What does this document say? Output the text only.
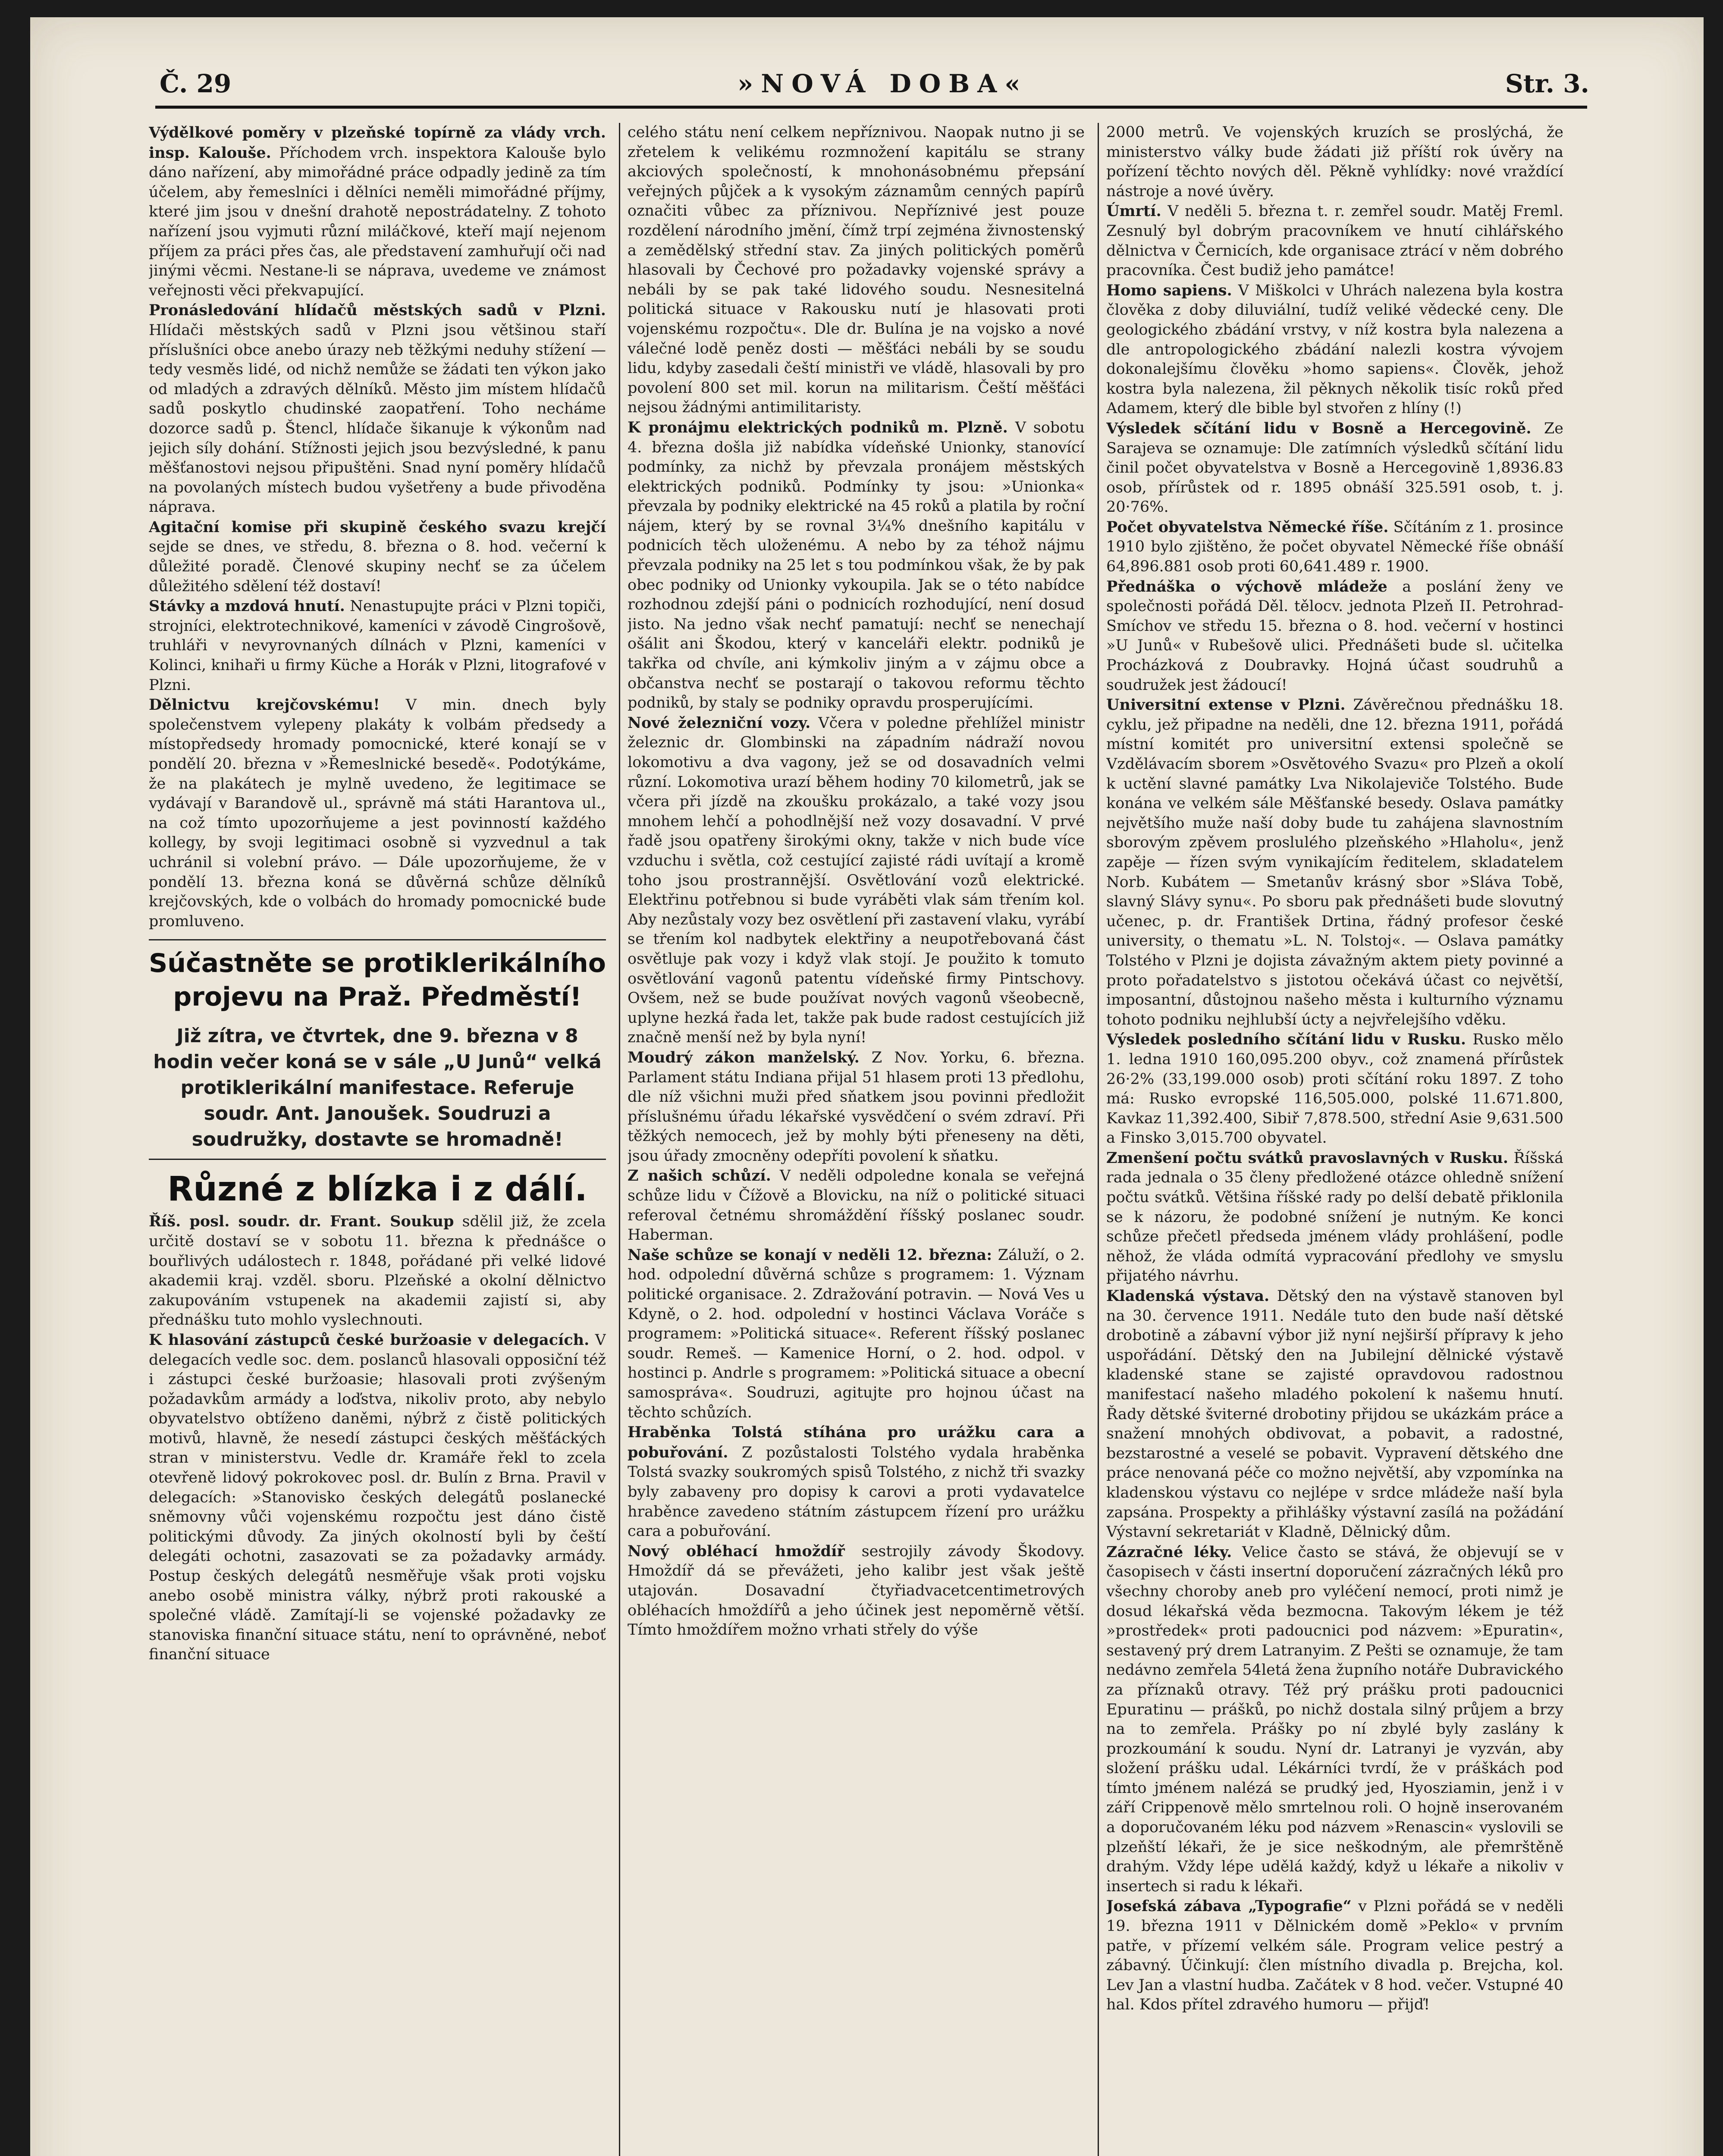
Č. 29	»NOVÁ DOBA«	Str. 3.

Výdělkové poměry v plzeňské topírně za vlády vrch. insp. Kalouše. Příchodem vrch. inspektora Kalouše bylo dáno nařízení, aby mimořádné práce odpadly jedině za tím účelem, aby řemeslníci i dělníci neměli mimořádné příjmy, které jim jsou v dnešní drahotě nepostrádatelny. Z tohoto nařízení jsou vyjmuti různí miláčkové, kteří mají nejenom příjem za práci přes čas, ale představení zamhuřují oči nad jinými věcmi. Nestane-li se náprava, uvedeme ve známost veřejnosti věci překvapující.

Pronásledování hlídačů městských sadů v Plzni. Hlídači městských sadů v Plzni jsou většinou staří příslušníci obce anebo úrazy neb těžkými neduhy stížení — tedy vesměs lidé, od nichž nemůže se žádati ten výkon jako od mladých a zdravých dělníků. Město jim místem hlídačů sadů poskytlo chudinské zaopatření. Toho necháme dozorce sadů p. Štencl, hlídače šikanuje k výkonům nad jejich síly dohání. Stížnosti jejich jsou bezvýsledné, k panu měšťanostovi nejsou připuštěni. Snad nyní poměry hlídačů na povolaných místech budou vyšetřeny a bude přivoděna náprava.

Agitační komise při skupině českého svazu krejčí sejde se dnes, ve středu, 8. března o 8. hod. večerní k důležité poradě. Členové skupiny nechť se za účelem důležitého sdělení též dostaví!

Stávky a mzdová hnutí. Nenastupujte práci v Plzni topiči, strojníci, elektrotechnikové, kameníci v závodě Cingrošově, truhláři v nevyrovnaných dílnách v Plzni, kameníci v Kolinci, knihaři u firmy Küche a Horák v Plzni, litografové v Plzni.

Dělnictvu krejčovskému! V min. dnech byly společenstvem vylepeny plakáty k volbám předsedy a místopředsedy hromady pomocnické, které konají se v pondělí 20. března v »Řemeslnické besedě«. Podotýkáme, že na plakátech je mylně uvedeno, že legitimace se vydávají v Barandově ul., správně má státi Harantova ul., na což tímto upozorňujeme a jest povinností každého kollegy, by svoji legitimaci osobně si vyzvednul a tak uchránil si volební právo. — Dále upozorňujeme, že v pondělí 13. března koná se důvěrná schůze dělníků krejčovských, kde o volbách do hromady pomocnické bude promluveno.

Súčastněte se protiklerikálního projevu na Praž. Předměstí!
Již zítra, ve čtvrtek, dne 9. března v 8 hodin večer koná se v sále „U Junů“ velká protiklerikální manifestace. Referuje soudr. Ant. Janoušek. Soudruzi a soudružky, dostavte se hromadně!
Různé z blízka i z dálí.

Říš. posl. soudr. dr. Frant. Soukup sdělil již, že zcela určitě dostaví se v sobotu 11. března k přednášce o bouřlivých událostech r. 1848, pořádané při velké lidové akademii kraj. vzděl. sboru. Plzeňské a okolní dělnictvo zakupováním vstupenek na akademii zajistí si, aby přednášku tuto mohlo vyslechnouti.

K hlasování zástupců české buržoasie v delegacích. V delegacích vedle soc. dem. poslanců hlasovali opposiční též i zástupci české buržoasie; hlasovali proti zvýšeným požadavkům armády a loďstva, nikoliv proto, aby nebylo obyvatelstvo obtíženo daněmi, nýbrž z čistě politických motivů, hlavně, že nesedí zástupci českých měšťáckých stran v ministerstvu. Vedle dr. Kramáře řekl to zcela otevřeně lidový pokrokovec posl. dr. Bulín z Brna. Pravil v delegacích: »Stanovisko českých delegátů poslanecké sněmovny vůči vojenskému rozpočtu jest dáno čistě politickými důvody. Za jiných okolností byli by čeští delegáti ochotni, zasazovati se za požadavky armády. Postup českých delegátů nesměřuje však proti vojsku anebo osobě ministra války, nýbrž proti rakouské a společné vládě. Zamítají-li se vojenské požadavky ze stanoviska finanční situace státu, není to oprávněné, neboť finanční situace

celého státu není celkem nepříznivou. Naopak nutno ji se zřetelem k velikému rozmnožení kapitálu se strany akciových společností, k mnohonásobnému přepsání veřejných půjček a k vysokým záznamům cenných papírů označiti vůbec za příznivou. Nepříznivé jest pouze rozdělení národního jmění, čímž trpí zejména živnostenský a zemědělský střední stav. Za jiných politických poměrů hlasovali by Čechové pro požadavky vojenské správy a nebáli by se pak také lidového soudu. Nesnesitelná politická situace v Rakousku nutí je hlasovati proti vojenskému rozpočtu«. Dle dr. Bulína je na vojsko a nové válečné lodě peněz dosti — měšťáci nebáli by se soudu lidu, kdyby zasedali čeští ministři ve vládě, hlasovali by pro povolení 800 set mil. korun na militarism. Čeští měšťáci nejsou žádnými antimilitaristy.

K pronájmu elektrických podniků m. Plzně. V sobotu 4. března došla již nabídka vídeňské Unionky, stanovící podmínky, za nichž by převzala pronájem městských elektrických podniků. Podmínky ty jsou: »Unionka« převzala by podniky elektrické na 45 roků a platila by roční nájem, který by se rovnal 3¼% dnešního kapitálu v podnicích těch uloženému. A nebo by za téhož nájmu převzala podniky na 25 let s tou podmínkou však, že by pak obec podniky od Unionky vykoupila. Jak se o této nabídce rozhodnou zdejší páni o podnicích rozhodující, není dosud jisto. Na jedno však nechť pamatují: nechť se nenechají ošálit ani Škodou, který v kanceláři elektr. podniků je takřka od chvíle, ani kýmkoliv jiným a v zájmu obce a občanstva nechť se postarají o takovou reformu těchto podniků, by staly se podniky opravdu prosperujícími.

Nové železniční vozy. Včera v poledne přehlížel ministr železnic dr. Glombinski na západním nádraží novou lokomotivu a dva vagony, jež se od dosavadních velmi různí. Lokomotiva urazí během hodiny 70 kilometrů, jak se včera při jízdě na zkoušku prokázalo, a také vozy jsou mnohem lehčí a pohodlnější než vozy dosavadní. V prvé řadě jsou opatřeny širokými okny, takže v nich bude více vzduchu i světla, což cestující zajisté rádi uvítají a kromě toho jsou prostrannější. Osvětlování vozů elektrické. Elektřinu potřebnou si bude vyráběti vlak sám třením kol. Aby nezůstaly vozy bez osvětlení při zastavení vlaku, vyrábí se třením kol nadbytek elektřiny a neupotřebovaná část osvětluje pak vozy i když vlak stojí. Je použito k tomuto osvětlování vagonů patentu vídeňské firmy Pintschovy. Ovšem, než se bude používat nových vagonů všeobecně, uplyne hezká řada let, takže pak bude radost cestujících již značně menší než by byla nyní!

Moudrý zákon manželský. Z Nov. Yorku, 6. března. Parlament státu Indiana přijal 51 hlasem proti 13 předlohu, dle níž všichni muži před sňatkem jsou povinni předložit příslušnému úřadu lékařské vysvědčení o svém zdraví. Při těžkých nemocech, jež by mohly býti přeneseny na děti, jsou úřady zmocněny odepříti povolení k sňatku.

Z našich schůzí. V neděli odpoledne konala se veřejná schůze lidu v Čížově a Blovicku, na níž o politické situaci referoval četnému shromáždění říšský poslanec soudr. Haberman.

Naše schůze se konají v neděli 12. března: Záluží, o 2. hod. odpolední důvěrná schůze s programem: 1. Význam politické organisace. 2. Zdražování potravin. — Nová Ves u Kdyně, o 2. hod. odpolední v hostinci Václava Voráče s programem: »Politická situace«. Referent říšský poslanec soudr. Remeš. — Kamenice Horní, o 2. hod. odpol. v hostinci p. Andrle s programem: »Politická situace a obecní samospráva«. Soudruzi, agitujte pro hojnou účast na těchto schůzích.

Hraběnka Tolstá stíhána pro urážku cara a pobuřování. Z pozůstalosti Tolstého vydala hraběnka Tolstá svazky soukromých spisů Tolstého, z nichž tři svazky byly zabaveny pro dopisy k carovi a proti vydavatelce hraběnce zavedeno státním zástupcem řízení pro urážku cara a pobuřování.

Nový obléhací hmoždíř sestrojily závody Škodovy. Hmoždíř dá se převážeti, jeho kalibr jest však ještě utajován. Dosavadní čtyřiadvacetcentimetrových obléhacích hmoždířů a jeho účinek jest nepoměrně větší. Tímto hmoždířem možno vrhati střely do výše

2000 metrů. Ve vojenských kruzích se proslýchá, že ministerstvo války bude žádati již příští rok úvěry na pořízení těchto nových děl. Pěkně vyhlídky: nové vraždící nástroje a nové úvěry.

Úmrtí. V neděli 5. března t. r. zemřel soudr. Matěj Freml. Zesnulý byl dobrým pracovníkem ve hnutí cihlářského dělnictva v Černicích, kde organisace ztrácí v něm dobrého pracovníka. Čest budiž jeho památce!

Homo sapiens. V Miškolci v Uhrách nalezena byla kostra člověka z doby diluviální, tudíž veliké vědecké ceny. Dle geologického zbádání vrstvy, v níž kostra byla nalezena a dle antropologického zbádání nalezli kostra vývojem dokonalejšímu člověku »homo sapiens«. Člověk, jehož kostra byla nalezena, žil pěknych několik tisíc roků před Adamem, který dle bible byl stvořen z hlíny (!)

Výsledek sčítání lidu v Bosně a Hercegovině. Ze Sarajeva se oznamuje: Dle zatímních výsledků sčítání lidu činil počet obyvatelstva v Bosně a Hercegovině 1,8936.83 osob, přírůstek od r. 1895 obnáší 325.591 osob, t. j. 20·76%.

Počet obyvatelstva Německé říše. Sčítáním z 1. prosince 1910 bylo zjištěno, že počet obyvatel Německé říše obnáší 64,896.881 osob proti 60,641.489 r. 1900.

Přednáška o výchově mládeže a poslání ženy ve společnosti pořádá Děl. tělocv. jednota Plzeň II. Petrohrad-Smíchov ve středu 15. března o 8. hod. večerní v hostinci »U Junů« v Rubešově ulici. Přednášeti bude sl. učitelka Procházková z Doubravky. Hojná účast soudruhů a soudružek jest žádoucí!

Universitní extense v Plzni. Závěrečnou přednášku 18. cyklu, jež připadne na neděli, dne 12. března 1911, pořádá místní komitét pro universitní extensi společně se Vzdělávacím sborem »Osvětového Svazu« pro Plzeň a okolí k uctění slavné památky Lva Nikolajeviče Tolstého. Bude konána ve velkém sále Měšťanské besedy. Oslava památky největšího muže naší doby bude tu zahájena slavnostním sborovým zpěvem proslulého plzeňského »Hlaholu«, jenž zapěje — řízen svým vynikajícím ředitelem, skladatelem Norb. Kubátem — Smetanův krásný sbor »Sláva Tobě, slavný Slávy synu«. Po sboru pak přednášeti bude slovutný učenec, p. dr. František Drtina, řádný profesor české university, o thematu »L. N. Tolstoj«. — Oslava památky Tolstého v Plzni je dojista závažným aktem piety povinné a proto pořadatelstvo s jistotou očekává účast co největší, imposantní, důstojnou našeho města i kulturního významu tohoto podniku nejhlubší úcty a nejvřelejšího vděku.

Výsledek posledního sčítání lidu v Rusku. Rusko mělo 1. ledna 1910 160,095.200 obyv., což znamená přírůstek 26·2% (33,199.000 osob) proti sčítání roku 1897. Z toho má: Rusko evropské 116,505.000, polské 11.671.800, Kavkaz 11,392.400, Sibiř 7,878.500, střední Asie 9,631.500 a Finsko 3,015.700 obyvatel.

Zmenšení počtu svátků pravoslavných v Rusku. Říšská rada jednala o 35 členy předložené otázce ohledně snížení počtu svátků. Většina říšské rady po delší debatě přiklonila se k názoru, že podobné snížení je nutným. Ke konci schůze přečetl předseda jménem vlády prohlášení, podle něhož, že vláda odmítá vypracování předlohy ve smyslu přijatého návrhu.

Kladenská výstava. Dětský den na výstavě stanoven byl na 30. července 1911. Nedále tuto den bude naší dětské drobotině a zábavní výbor již nyní nejširší přípravy k jeho uspořádání. Dětský den na Jubilejní dělnické výstavě kladenské stane se zajisté opravdovou radostnou manifestací našeho mladého pokolení k našemu hnutí. Řady dětské šviterné drobotiny přijdou se ukázkám práce a snažení mnohých obdivovat, a pobavit, a radostné, bezstarostné a veselé se pobavit. Vypravení dětského dne práce nenovaná péče co možno největší, aby vzpomínka na kladenskou výstavu co nejlépe v srdce mládeže naší byla zapsána. Prospekty a přihlášky výstavní zasílá na požádání Výstavní sekretariát v Kladně, Dělnický dům.

Zázračné léky. Velice často se stává, že objevují se v časopisech v části insertní doporučení zázračných léků pro všechny choroby aneb pro vyléčení nemocí, proti nimž je dosud lékařská věda bezmocna. Takovým lékem je též »prostředek« proti padoucnici pod názvem: »Epuratin«, sestavený prý drem Latranyim. Z Pešti se oznamuje, že tam nedávno zemřela 54letá žena župního notáře Dubravického za příznaků otravy. Též prý prášku proti padoucnici Epuratinu — prášků, po nichž dostala silný průjem a brzy na to zemřela. Prášky po ní zbylé byly zaslány k prozkoumání k soudu. Nyní dr. Latranyi je vyzván, aby složení prášku udal. Lékárníci tvrdí, že v práškách pod tímto jménem nalézá se prudký jed, Hyosziamin, jenž i v září Crippenově mělo smrtelnou roli. O hojně inserovaném a doporučovaném léku pod názvem »Renascin« vyslovili se plzeňští lékaři, že je sice neškodným, ale přemrštěně drahým. Vždy lépe udělá každý, když u lékaře a nikoliv v insertech si radu k lékaři.

Josefská zábava „Typografie“ v Plzni pořádá se v neděli 19. března 1911 v Dělnickém domě »Peklo« v prvním patře, v přízemí velkém sále. Program velice pestrý a zábavný. Účinkují: člen místního divadla p. Brejcha, kol. Lev Jan a vlastní hudba. Začátek v 8 hod. večer. Vstupné 40 hal. Kdos přítel zdravého humoru — přijď!
